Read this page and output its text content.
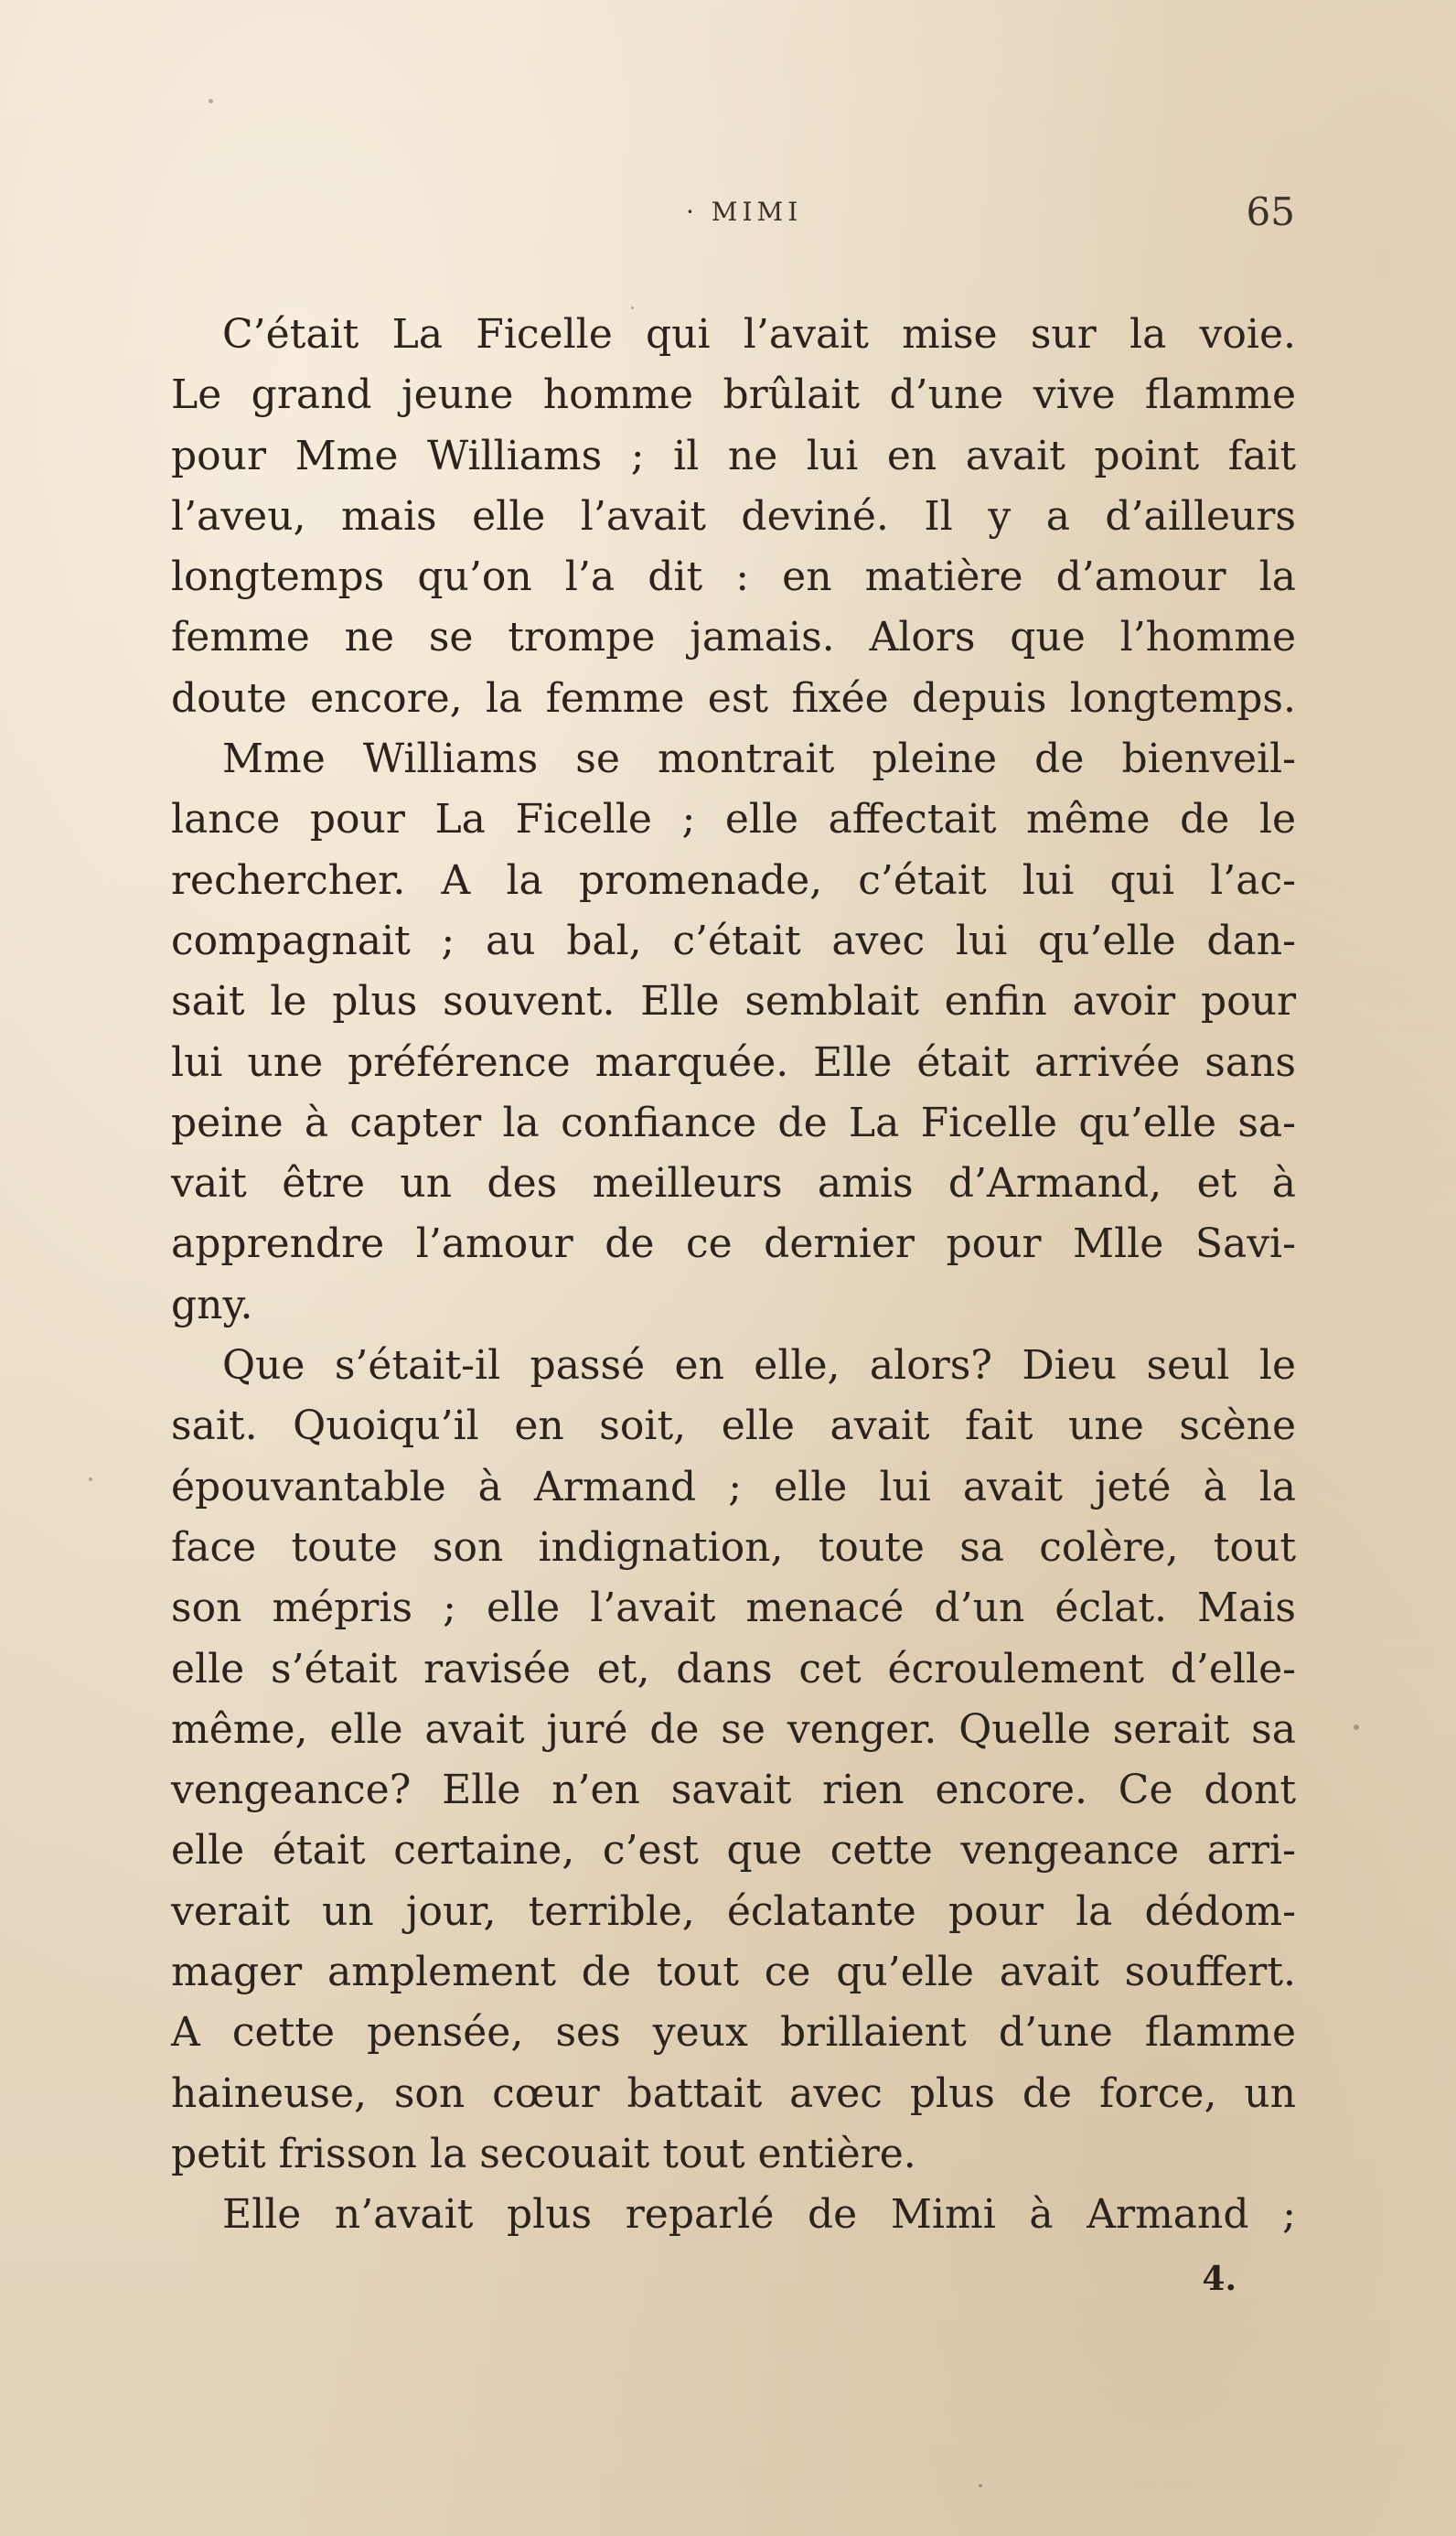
· MIMI	65
C’était La Ficelle qui l’avait mise sur la voie.
Le grand jeune homme brûlait d’une vive flamme
pour Mme Williams ; il ne lui en avait point fait
l’aveu, mais elle l’avait deviné. Il y a d’ailleurs
longtemps qu’on l’a dit : en matière d’amour la
femme ne se trompe jamais. Alors que l’homme
doute encore, la femme est fixée depuis longtemps.
Mme Williams se montrait pleine de bienveil-
lance pour La Ficelle ; elle affectait même de le
rechercher. A la promenade, c’était lui qui l’ac-
compagnait ; au bal, c’était avec lui qu’elle dan-
sait le plus souvent. Elle semblait enfin avoir pour
lui une préférence marquée. Elle était arrivée sans
peine à capter la confiance de La Ficelle qu’elle sa-
vait être un des meilleurs amis d’Armand, et à
apprendre l’amour de ce dernier pour Mlle Savi-
gny.
Que s’était-il passé en elle, alors? Dieu seul le
sait. Quoiqu’il en soit, elle avait fait une scène
épouvantable à Armand ; elle lui avait jeté à la
face toute son indignation, toute sa colère, tout
son mépris ; elle l’avait menacé d’un éclat. Mais
elle s’était ravisée et, dans cet écroulement d’elle-
même, elle avait juré de se venger. Quelle serait sa
vengeance? Elle n’en savait rien encore. Ce dont
elle était certaine, c’est que cette vengeance arri-
verait un jour, terrible, éclatante pour la dédom-
mager amplement de tout ce qu’elle avait souffert.
A cette pensée, ses yeux brillaient d’une flamme
haineuse, son cœur battait avec plus de force, un
petit frisson la secouait tout entière.
Elle n’avait plus reparlé de Mimi à Armand ;
4.
